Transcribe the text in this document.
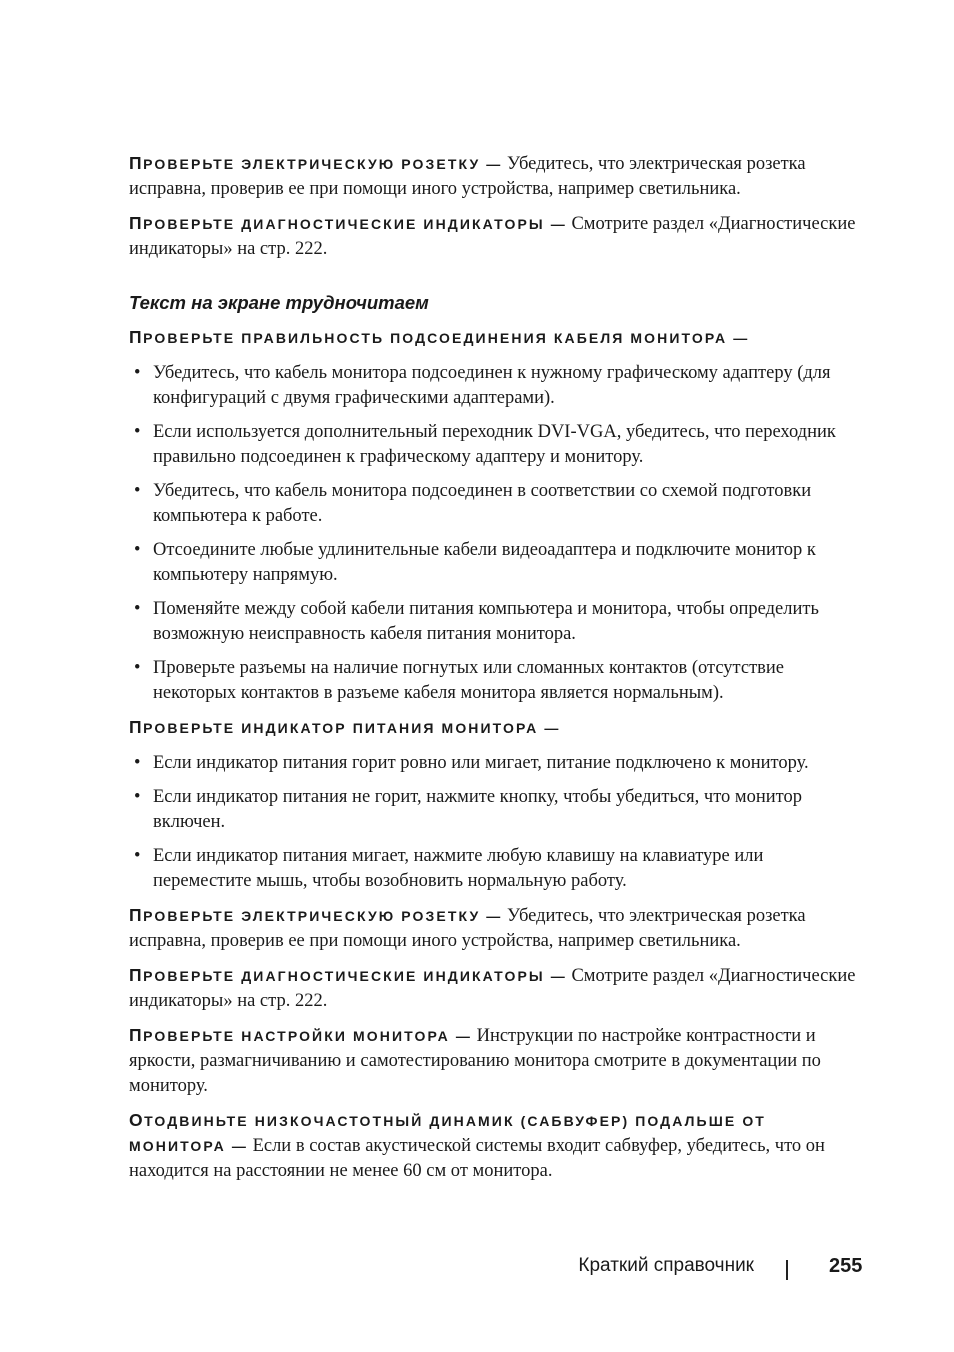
ПРОВЕРЬТЕ ЭЛЕКТРИЧЕСКУЮ РОЗЕТКУ — Убедитесь, что электрическая розетка исправна, проверив ее при помощи иного устройства, например светильника.

ПРОВЕРЬТЕ ДИАГНОСТИЧЕСКИЕ ИНДИКАТОРЫ — Смотрите раздел «Диагностические индикаторы» на стр. 222.

Текст на экране трудночитаем

ПРОВЕРЬТЕ ПРАВИЛЬНОСТЬ ПОДСОЕДИНЕНИЯ КАБЕЛЯ МОНИТОРА —

• Убедитесь, что кабель монитора подсоединен к нужному графическому адаптеру (для конфигураций с двумя графическими адаптерами).
• Если используется дополнительный переходник DVI-VGA, убедитесь, что переходник правильно подсоединен к графическому адаптеру и монитору.
• Убедитесь, что кабель монитора подсоединен в соответствии со схемой подготовки компьютера к работе.
• Отсоедините любые удлинительные кабели видеоадаптера и подключите монитор к компьютеру напрямую.
• Поменяйте между собой кабели питания компьютера и монитора, чтобы определить возможную неисправность кабеля питания монитора.
• Проверьте разъемы на наличие погнутых или сломанных контактов (отсутствие некоторых контактов в разъеме кабеля монитора является нормальным).

ПРОВЕРЬТЕ ИНДИКАТОР ПИТАНИЯ МОНИТОРА —

• Если индикатор питания горит ровно или мигает, питание подключено к монитору.
• Если индикатор питания не горит, нажмите кнопку, чтобы убедиться, что монитор включен.
• Если индикатор питания мигает, нажмите любую клавишу на клавиатуре или переместите мышь, чтобы возобновить нормальную работу.

ПРОВЕРЬТЕ ЭЛЕКТРИЧЕСКУЮ РОЗЕТКУ — Убедитесь, что электрическая розетка исправна, проверив ее при помощи иного устройства, например светильника.

ПРОВЕРЬТЕ ДИАГНОСТИЧЕСКИЕ ИНДИКАТОРЫ — Смотрите раздел «Диагностические индикаторы» на стр. 222.

ПРОВЕРЬТЕ НАСТРОЙКИ МОНИТОРА — Инструкции по настройке контрастности и яркости, размагничиванию и самотестированию монитора смотрите в документации по монитору.

ОТОДВИНЬТЕ НИЗКОЧАСТОТНЫЙ ДИНАМИК (САБВУФЕР) ПОДАЛЬШЕ ОТ МОНИТОРА — Если в состав акустической системы входит сабвуфер, убедитесь, что он находится на расстоянии не менее 60 см от монитора.

Краткий справочник	255
